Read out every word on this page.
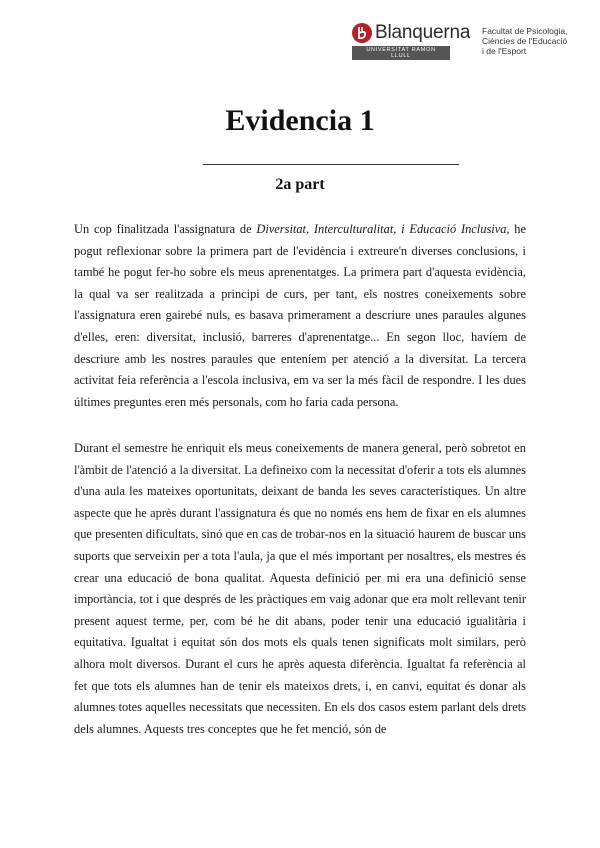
Blanquerna
UNIVERSITAT RAMON LLULL
Facultat de Psicologia,
Ciències de l'Educació
i de l'Esport
Evidencia 1
2a part
Un cop finalitzada l'assignatura de Diversitat, Interculturalitat, i Educació Inclusiva, he pogut reflexionar sobre la primera part de l'evidència i extreure'n diverses conclusions, i també he pogut fer-ho sobre els meus aprenentatges. La primera part d'aquesta evidència, la qual va ser realitzada a principi de curs, per tant, els nostres coneixements sobre l'assignatura eren gairebé nuls, es basava primerament a descriure unes paraules algunes d'elles, eren: diversitat, inclusió, barreres d'aprenentatge... En segon lloc, havíem de descriure amb les nostres paraules que enteníem per atenció a la diversitat. La tercera activitat feia referència a l'escola inclusiva, em va ser la més fàcil de respondre. I les dues últimes preguntes eren més personals, com ho faria cada persona.
Durant el semestre he enriquit els meus coneixements de manera general, però sobretot en l'àmbit de l'atenció a la diversitat. La defineixo com la necessitat d'oferir a tots els alumnes d'una aula les mateixes oportunitats, deixant de banda les seves característiques. Un altre aspecte que he après durant l'assignatura és que no només ens hem de fixar en els alumnes que presenten dificultats, sinó que en cas de trobar-nos en la situació haurem de buscar uns suports que serveixin per a tota l'aula, ja que el més important per nosaltres, els mestres és crear una educació de bona qualitat. Aquesta definició per mi era una definició sense importància, tot i que després de les pràctiques em vaig adonar que era molt rellevant tenir present aquest terme, per, com bé he dit abans, poder tenir una educació igualitària i equitativa. Igualtat i equitat són dos mots els quals tenen significats molt similars, però alhora molt diversos. Durant el curs he après aquesta diferència. Igualtat fa referència al fet que tots els alumnes han de tenir els mateixos drets, i, en canvi, equitat és donar als alumnes totes aquelles necessitats que necessiten. En els dos casos estem parlant dels drets dels alumnes. Aquests tres conceptes que he fet menció, són de
